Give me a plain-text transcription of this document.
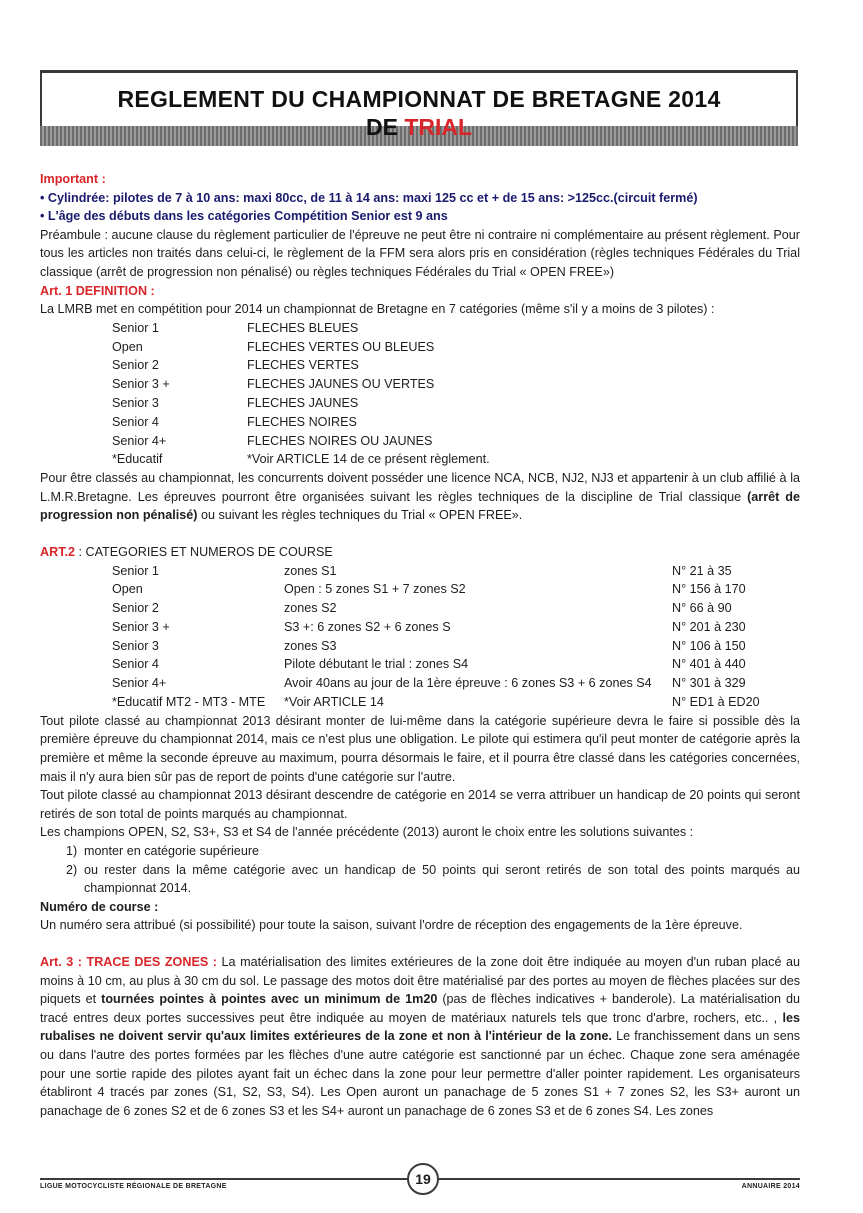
REGLEMENT DU CHAMPIONNAT DE BRETAGNE 2014
DE TRIAL
Important :
• Cylindrée: pilotes de 7 à 10 ans: maxi 80cc, de 11 à 14 ans: maxi 125 cc et + de 15 ans: >125cc.(circuit fermé)
• L'âge des débuts dans les catégories Compétition Senior est 9 ans

Préambule : aucune clause du règlement particulier de l'épreuve ne peut être ni contraire ni complémentaire au présent règlement. Pour tous les articles non traités dans celui-ci, le règlement de la FFM sera alors pris en considération (règles techniques Fédérales du Trial classique (arrêt de progression non pénalisé) ou règles techniques Fédérales du Trial « OPEN FREE»)

Art. 1 DEFINITION :

La LMRB met en compétition pour 2014 un championnat de Bretagne en 7 catégories (même s'il y a moins de 3 pilotes) :

Senior 1	FLECHES BLEUES
Open	FLECHES VERTES OU BLEUES
Senior 2	FLECHES VERTES
Senior 3 +	FLECHES JAUNES OU VERTES
Senior 3	FLECHES JAUNES
Senior 4	FLECHES NOIRES
Senior 4+	FLECHES NOIRES OU JAUNES
*Educatif	*Voir ARTICLE 14 de ce présent règlement.

Pour être classés au championnat, les concurrents doivent posséder une licence NCA, NCB, NJ2, NJ3 et appartenir à un club affilié à la L.M.R.Bretagne. Les épreuves pourront être organisées suivant les règles techniques de la discipline de Trial classique (arrêt de progression non pénalisé) ou suivant les règles techniques du Trial « OPEN FREE».

ART.2 : CATEGORIES ET NUMEROS DE COURSE
Senior 1	zones S1	N° 21 à 35
Open	Open : 5 zones S1 + 7 zones S2	N° 156 à 170
Senior 2	zones S2	N° 66 à 90
Senior 3 +	S3 +: 6 zones S2 + 6 zones S	N° 201 à 230
Senior 3	zones S3	N° 106 à 150
Senior 4	Pilote débutant le trial : zones S4	N° 401 à 440
Senior 4+	Avoir 40ans au jour de la 1ère épreuve : 6 zones S3 + 6 zones S4	N° 301 à 329
*Educatif MT2 - MT3 - MTE	*Voir ARTICLE 14	N° ED1 à ED20

Tout pilote classé au championnat 2013 désirant monter de lui-même dans la catégorie supérieure devra le faire si possible dès la première épreuve du championnat 2014, mais ce n'est plus une obligation. Le pilote qui estimera qu'il peut monter de catégorie après la première et même la seconde épreuve au maximum, pourra désormais le faire, et il pourra être classé dans les catégories concernées, mais il n'y aura bien sûr pas de report de points d'une catégorie sur l'autre.

Tout pilote classé au championnat 2013 désirant descendre de catégorie en 2014 se verra attribuer un handicap de 20 points qui seront retirés de son total de points marqués au championnat.

Les champions OPEN, S2, S3+, S3 et S4 de l'année précédente (2013) auront le choix entre les solutions suivantes :

1) monter en catégorie supérieure
2) ou rester dans la même catégorie avec un handicap de 50 points qui seront retirés de son total des points marqués au championnat 2014.
Numéro de course :

Un numéro sera attribué (si possibilité) pour toute la saison, suivant l'ordre de réception des engagements de la 1ère épreuve.

Art. 3 : TRACE DES ZONES : La matérialisation des limites extérieures de la zone doit être indiquée au moyen d'un ruban placé au moins à 10 cm, au plus à 30 cm du sol. Le passage des motos doit être matérialisé par des portes au moyen de flèches placées sur des piquets et tournées pointes à pointes avec un minimum de 1m20 (pas de flèches indicatives + banderole). La matérialisation du tracé entres deux portes successives peut être indiquée au moyen de matériaux naturels tels que tronc d'arbre, rochers, etc.. , les rubalises ne doivent servir qu'aux limites extérieures de la zone et non à l'intérieur de la zone. Le franchissement dans un sens ou dans l'autre des portes formées par les flèches d'une autre catégorie est sanctionné par un échec. Chaque zone sera aménagée pour une sortie rapide des pilotes ayant fait un échec dans la zone pour leur permettre d'aller pointer rapidement. Les organisateurs établiront 4 tracés par zones (S1, S2, S3, S4). Les Open auront un panachage de 5 zones S1 + 7 zones S2, les S3+ auront un panachage de 6 zones S2 et de 6 zones S3 et les S4+ auront un panachage de 6 zones S3 et de 6 zones S4. Les zones

LIGUE MOTOCYCLISTE RÉGIONALE DE BRETAGNE	19	ANNUAIRE 2014
